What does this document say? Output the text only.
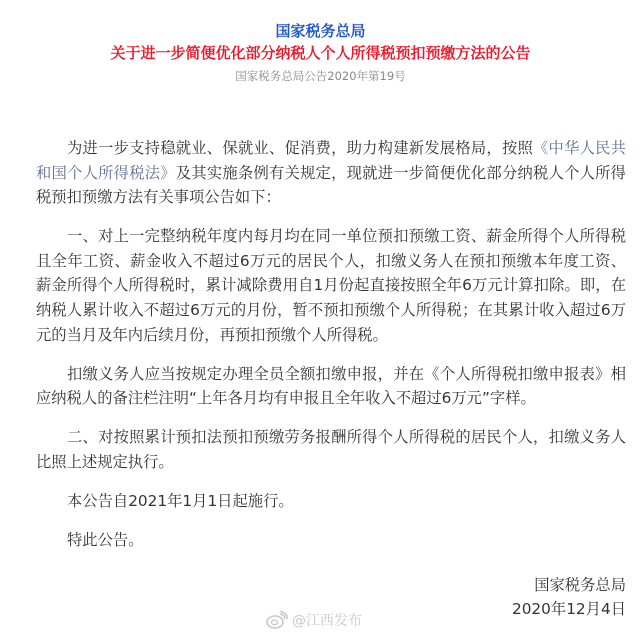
国家税务总局
关于进一步简便优化部分纳税人个人所得税预扣预缴方法的公告
国家税务总局公告2020年第19号
为进一步支持稳就业、保就业、促消费，助力构建新发展格局，按照《中华人民共
和国个人所得税法》及其实施条例有关规定，现就进一步简便优化部分纳税人个人所得
税预扣预缴方法有关事项公告如下：
一、对上一完整纳税年度内每月均在同一单位预扣预缴工资、薪金所得个人所得税
且全年工资、薪金收入不超过6万元的居民个人，扣缴义务人在预扣预缴本年度工资、
薪金所得个人所得税时，累计减除费用自1月份起直接按照全年6万元计算扣除。即，在
纳税人累计收入不超过6万元的月份，暂不预扣预缴个人所得税；在其累计收入超过6万
元的当月及年内后续月份，再预扣预缴个人所得税。
扣缴义务人应当按规定办理全员全额扣缴申报，并在《个人所得税扣缴申报表》相
应纳税人的备注栏注明“上年各月均有申报且全年收入不超过6万元”字样。
二、对按照累计预扣法预扣预缴劳务报酬所得个人所得税的居民个人，扣缴义务人
比照上述规定执行。
本公告自2021年1月1日起施行。
特此公告。
国家税务总局
2020年12月4日
@江西发布
